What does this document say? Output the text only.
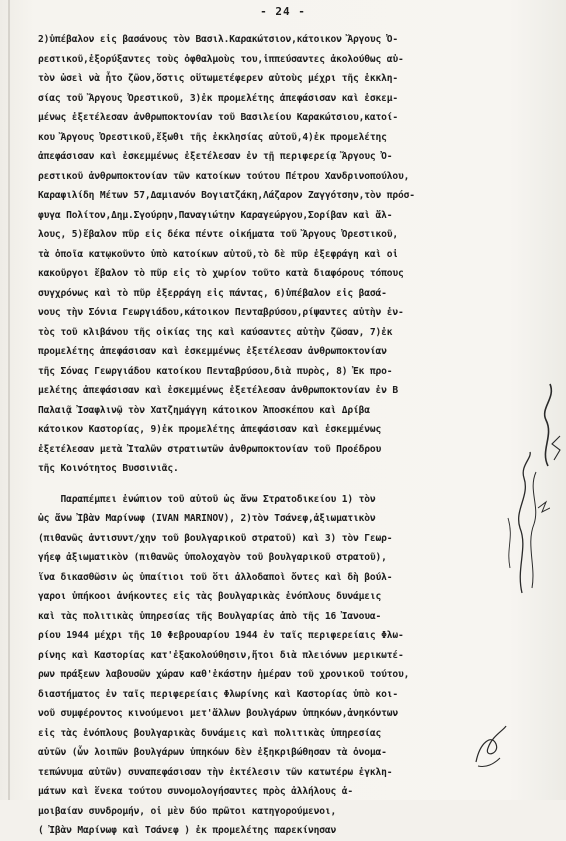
- 24 -
2)ὑπέβαλον εἰς βασάνους τὸν Βασιλ.Καρακώτσιον,κάτοικον Ἄργους Ὀ-
ρεστικοῦ,ἐξορύξαντες τοὺς ὀφθαλμοὺς του,ἱππεύσαντες ἀκολούθως αὐ-
τὸν ὡσεὶ νὰ ἦτο ζῶον,ὅστις οὕτωμετέφερεν αὐτοὺς μέχρι τῆς ἐκκλη-
σίας τοῦ Ἄργους Ὀρεστικοῦ, 3)ἐκ προμελέτης ἀπεφάσισαν καὶ ἐσκεμ-
μένως ἐξετέλεσαν ἀνθρωποκτονίαν τοῦ Βασιλείου Καρακώτσιου,κατοί-
κου Ἄργους Ὀρεστικοῦ,ἔξωθι τῆς ἐκκλησίας αὐτοῦ,4)ἐκ προμελέτης
ἀπεφάσισαν καὶ ἐσκεμμένως ἐξετέλεσαν ἐν τῇ περιφερείᾳ Ἄργους Ὀ-
ρεστικοῦ ἀνθρωποκτονίαν τῶν κατοίκων τούτου Πέτρου Χανδρινοπούλου,
Καραφιλίδη Μέτων 57,Δαμιανόν Βογιατζάκη,Λάζαρον Ζαγγότσην,τὸν πρόσ-
φυγα Πολίτον,Δημ.Σγούρην,Παναγιώτην Καραγεώργου,Σορίβαν καὶ ἄλ-
λους, 5)ἔβαλον πῦρ εἰς δέκα πέντε οἰκήματα τοῦ Ἄργους Ὀρεστικοῦ,
τὰ ὁποῖα κατῳκοῦντο ὑπὸ κατοίκων αὐτοῦ,τὸ δὲ πῦρ ἐξεφράγη καὶ οἱ
κακοῦργοι ἔβαλον τὸ πῦρ εἰς τὸ χωρίον τοῦτο κατὰ διαφόρους τόπους
συγχρόνως καὶ τὸ πῦρ ἐξερράγη εἰς πάντας, 6)ὑπέβαλον εἰς βασά-
νους τὴν Σόνια Γεωργιάδου,κάτοικον Πενταβρύσου,ρίψαντες αὐτὴν ἐν-
τὸς τοῦ κλιβάνου τῆς οἰκίας της καὶ καύσαντες αὐτὴν ζῶσαν, 7)ἐκ
προμελέτης ἀπεφάσισαν καὶ ἐσκεμμένως ἐξετέλεσαν ἀνθρωποκτονίαν
τῆς Σόνας Γεωργιάδου κατοίκου Πενταβρύσου,διὰ πυρὸς, 8) Ἐκ προ-
μελέτης ἀπεφάσισαν καὶ ἐσκεμμένως ἐξετέλεσαν ἀνθρωποκτονίαν ἐν Β
Παλαιᾷ Ἰσαφλινῷ τὸν Χατζημάγγη κάτοικον Ἀποσκέπου καὶ Δρίβα
κάτοικον Καστορίας, 9)ἐκ προμελέτης ἀπεφάσισαν καὶ ἐσκεμμένως
ἐξετέλεσαν μετὰ Ἰταλῶν στρατιωτῶν ἀνθρωποκτονίαν τοῦ Προέδρου
τῆς Κοινότητος Βυσσινιᾶς.
Παραπέμπει ἐνώπιον τοῦ αὐτοῦ ὡς ἄνω Στρατοδικείου 1) τὸν
ὡς ἄνω Ἰβὰν Μαρίνωφ (IVAN MARINOV), 2)τὸν Τσάνεφ,ἀξιωματικὸν
(πιθανῶς ἀντισυντ/χην τοῦ βουλγαρικοῦ στρατοῦ) καὶ 3) τὸν Γεωρ-
γήεφ ἀξιωματικὸν (πιθανῶς ὑπολοχαγὸν τοῦ βουλγαρικοῦ στρατοῦ),
ἵνα δικασθῶσιν ὡς ὑπαίτιοι τοῦ ὅτι ἀλλοδαποὶ ὄντες καὶ δὴ βούλ-
γαροι ὑπήκοοι ἀνήκοντες εἰς τὰς βουλγαρικὰς ἐνόπλους δυνάμεις
καὶ τὰς πολιτικὰς ὑπηρεσίας τῆς Βουλγαρίας ἀπὸ τῆς 16 Ἰανουα-
ρίου 1944 μέχρι τῆς 10 Φεβρουαρίου 1944 ἐν ταῖς περιφερείαις Φλω-
ρίνης καὶ Καστορίας κατ'ἐξακολούθησιν,ἤτοι διὰ πλειόνων μερικωτέ-
ρων πράξεων λαβουσῶν χώραν καθ'ἑκάστην ἡμέραν τοῦ χρονικοῦ τούτου,
διαστήματος ἐν ταῖς περιφερείαις Φλωρίνης καὶ Καστορίας ὑπὸ κοι-
νοῦ συμφέροντος κινούμενοι μετ'ἄλλων βουλγάρων ὑπηκόων,ἀνηκόντων
εἰς τὰς ἐνόπλους βουλγαρικὰς δυνάμεις καὶ πολιτικὰς ὑπηρεσίας
αὐτῶν (ὧν λοιπῶν βουλγάρων ὑπηκόων δὲν ἐξηκριβώθησαν τὰ ὀνομα-
τεπώνυμα αὐτῶν) συναπεφάσισαν τὴν ἐκτέλεσιν τῶν κατωτέρω ἐγκλη-
μάτων καὶ ἕνεκα τούτου συνομολογήσαντες πρὸς ἀλλήλους ἀ-
μοιβαίαν συνδρομήν, οἱ μὲν δύο πρῶτοι κατηγορούμενοι,
( Ἰβὰν Μαρίνωφ καὶ Τσάνεφ ) ἐκ προμελέτης παρεκίνησαν
